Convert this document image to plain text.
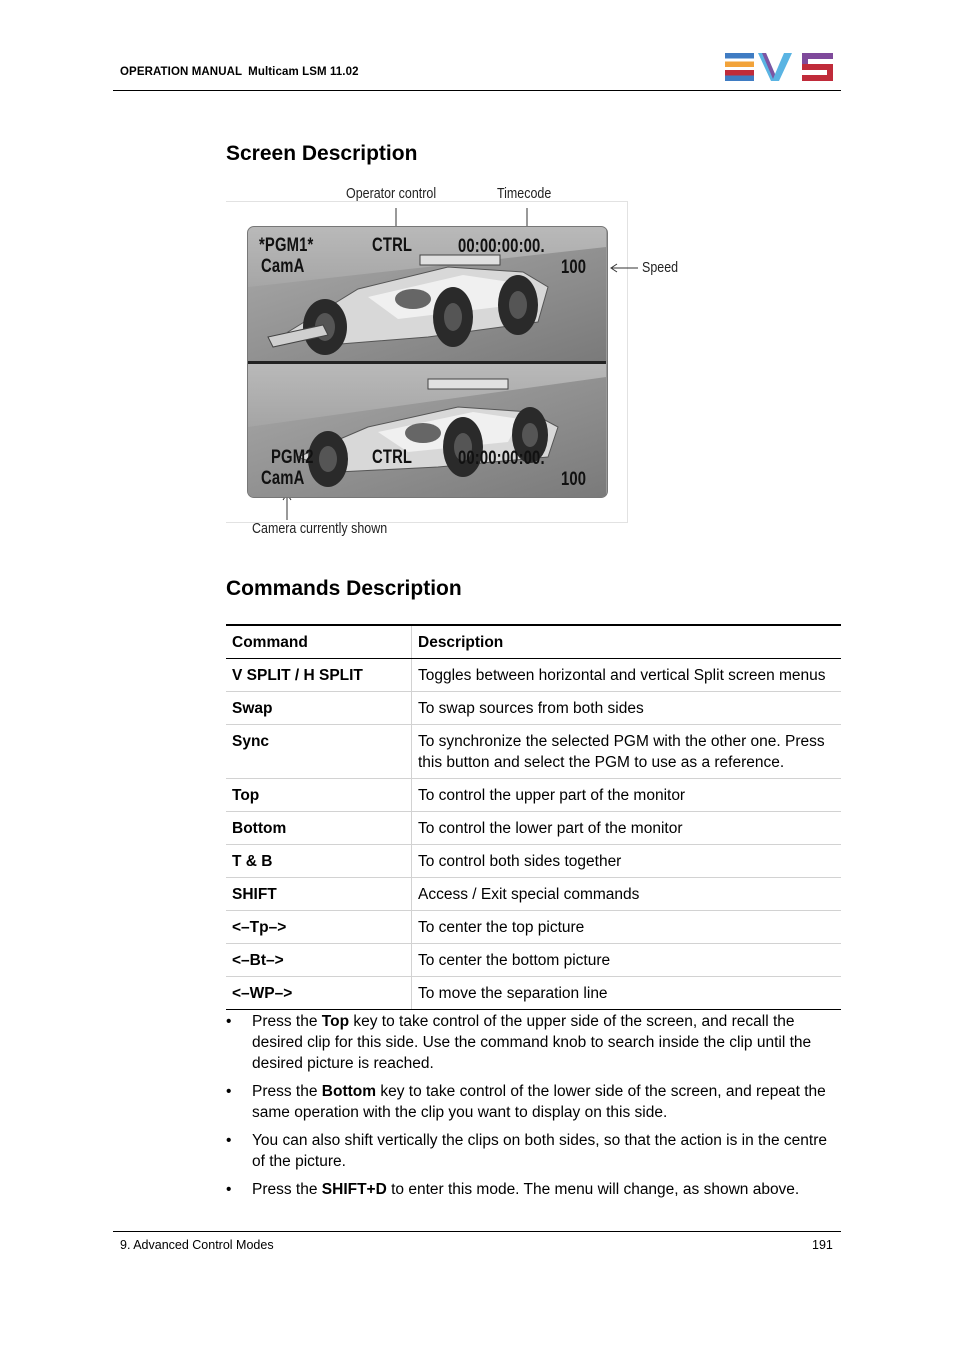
OPERATION MANUAL Multicam LSM 11.02
Screen Description
Operator control	Timecode
Speed
Camera currently shown
*PGM1*
CamA
CTRL 00:00:00:00.
100
PGM2
CamA
CTRL 00:00:00:00.
100
Commands Description
Command	Description
V SPLIT / H SPLIT	Toggles between horizontal and vertical Split screen menus
Swap	To swap sources from both sides
Sync	To synchronize the selected PGM with the other one. Press this button and select the PGM to use as a reference.
Top	To control the upper part of the monitor
Bottom	To control the lower part of the monitor
T & B	To control both sides together
SHIFT	Access / Exit special commands
<–Tp–>	To center the top picture
<–Bt–>	To center the bottom picture
<–WP–>	To move the separation line
• Press the Top key to take control of the upper side of the screen, and recall the desired clip for this side. Use the command knob to search inside the clip until the desired picture is reached.
• Press the Bottom key to take control of the lower side of the screen, and repeat the same operation with the clip you want to display on this side.
• You can also shift vertically the clips on both sides, so that the action is in the centre of the picture.
• Press the SHIFT+D to enter this mode. The menu will change, as shown above.
9. Advanced Control Modes	191
